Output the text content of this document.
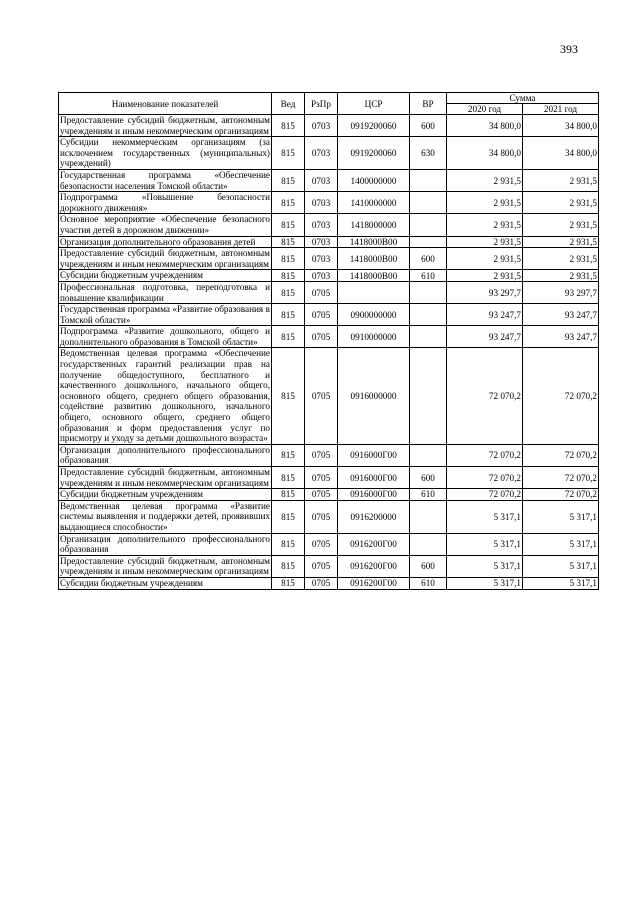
393
Наименование показателей	Вед	РзПр	ЦСР	ВР	Сумма	
					2020 год	2021 год
Предоставление субсидий бюджетным, автономным учреждениям и иным некоммерческим организациям	815	0703	0919200060	600	34 800,0	34 800,0
Субсидии некоммерческим организациям (за исключением государственных (муниципальных) учреждений)	815	0703	0919200060	630	34 800,0	34 800,0
Государственная программа «Обеспечение безопасности населения Томской области»	815	0703	1400000000		2 931,5	2 931,5
Подпрограмма «Повышение безопасности дорожного движения»	815	0703	1410000000		2 931,5	2 931,5
Основное мероприятие «Обеспечение безопасного участия детей в дорожном движении»	815	0703	1418000000		2 931,5	2 931,5
Организация дополнительного образования детей	815	0703	1418000В00		2 931,5	2 931,5
Предоставление субсидий бюджетным, автономным учреждениям и иным некоммерческим организациям	815	0703	1418000В00	600	2 931,5	2 931,5
Субсидии бюджетным учреждениям	815	0703	1418000В00	610	2 931,5	2 931,5
Профессиональная подготовка, переподготовка и повышение квалификации	815	0705			93 297,7	93 297,7
Государственная программа «Развитие образования в Томской области»	815	0705	0900000000		93 247,7	93 247,7
Подпрограмма «Развитие дошкольного, общего и дополнительного образования в Томской области»	815	0705	0910000000		93 247,7	93 247,7
Ведомственная целевая программа «Обеспечение государственных гарантий реализации прав на получение общедоступного, бесплатного и качественного дошкольного, начального общего, основного общего, среднего общего образования, содействие развитию дошкольного, начального общего, основного общего, среднего общего образования и форм предоставления услуг по присмотру и уходу за детьми дошкольного возраста»	815	0705	0916000000		72 070,2	72 070,2
Организация дополнительного профессионального образования	815	0705	0916000Г00		72 070,2	72 070,2
Предоставление субсидий бюджетным, автономным учреждениям и иным некоммерческим организациям	815	0705	0916000Г00	600	72 070,2	72 070,2
Субсидии бюджетным учреждениям	815	0705	0916000Г00	610	72 070,2	72 070,2
Ведомственная целевая программа «Развитие системы выявления и поддержки детей, проявивших выдающиеся способности»	815	0705	0916200000		5 317,1	5 317,1
Организация дополнительного профессионального образования	815	0705	0916200Г00		5 317,1	5 317,1
Предоставление субсидий бюджетным, автономным учреждениям и иным некоммерческим организациям	815	0705	0916200Г00	600	5 317,1	5 317,1
Субсидии бюджетным учреждениям	815	0705	0916200Г00	610	5 317,1	5 317,1
